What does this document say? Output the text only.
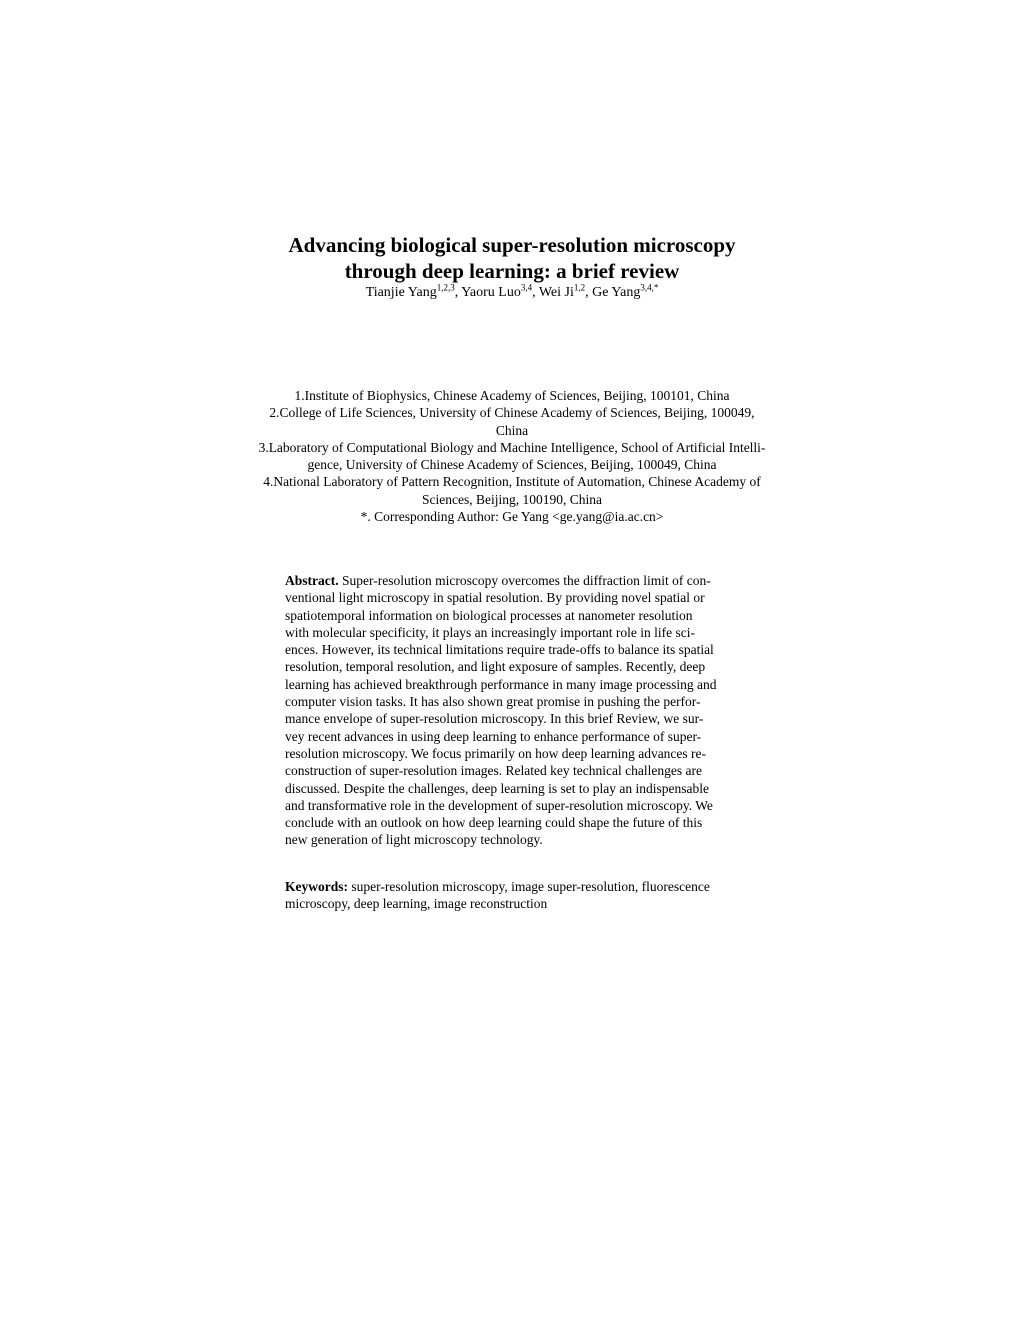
Advancing biological super-resolution microscopy
through deep learning: a brief review
Tianjie Yang$^{1,2,3}$, Yaoru Luo$^{3,4}$, Wei Ji$^{1,2}$, Ge Yang$^{3,4,*}$
1.Institute of Biophysics, Chinese Academy of Sciences, Beijing, 100101, China
2.College of Life Sciences, University of Chinese Academy of Sciences, Beijing, 100049,
China
3.Laboratory of Computational Biology and Machine Intelligence, School of Artificial Intelli-
gence, University of Chinese Academy of Sciences, Beijing, 100049, China
4.National Laboratory of Pattern Recognition, Institute of Automation, Chinese Academy of
Sciences, Beijing, 100190, China
*. Corresponding Author: Ge Yang <ge.yang@ia.ac.cn>
Abstract. Super-resolution microscopy overcomes the diffraction limit of con-
ventional light microscopy in spatial resolution. By providing novel spatial or
spatiotemporal information on biological processes at nanometer resolution
with molecular specificity, it plays an increasingly important role in life sci-
ences. However, its technical limitations require trade-offs to balance its spatial
resolution, temporal resolution, and light exposure of samples. Recently, deep
learning has achieved breakthrough performance in many image processing and
computer vision tasks. It has also shown great promise in pushing the perfor-
mance envelope of super-resolution microscopy. In this brief Review, we sur-
vey recent advances in using deep learning to enhance performance of super-
resolution microscopy. We focus primarily on how deep learning advances re-
construction of super-resolution images. Related key technical challenges are
discussed. Despite the challenges, deep learning is set to play an indispensable
and transformative role in the development of super-resolution microscopy. We
conclude with an outlook on how deep learning could shape the future of this
new generation of light microscopy technology.
Keywords: super-resolution microscopy, image super-resolution, fluorescence
microscopy, deep learning, image reconstruction
